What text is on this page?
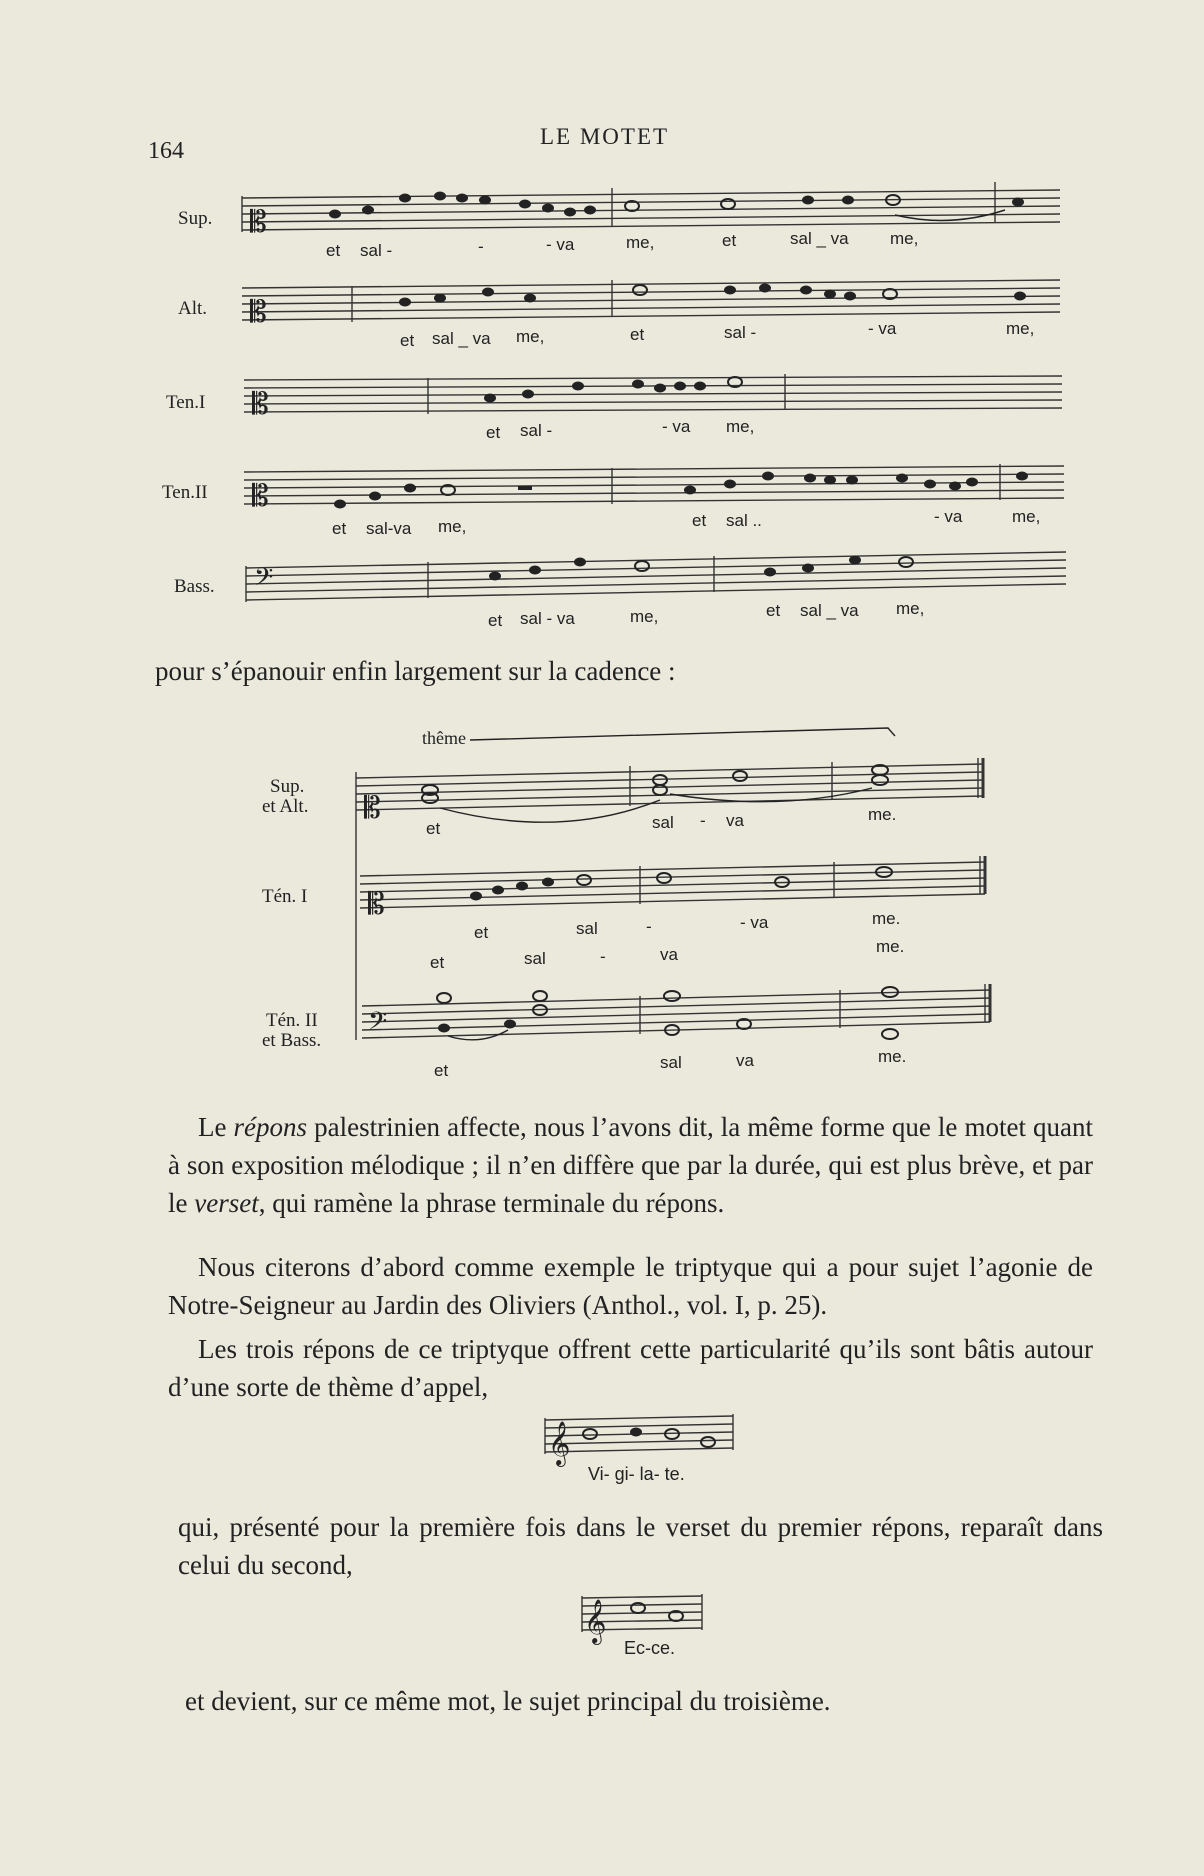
164
LE MOTET
Sup. 𝄡
et sal -	-	- va	me,	et	sal _ va me,
Alt. 𝄡
et sal _ va me,	et	sal -	- va	me,
Ten.I 𝄡
et sal -	- va me,
Ten.II 𝄡
et sal-va me,	et sal ..	- va	me,
Bass. 𝄢
et sal - va	me,	et sal _ va me,

pour s’épanouir enfin largement sur la cadence :

thême
Sup.
et Alt. 𝄡
et	sal - va	me.
Tén. I 𝄡
et	sal	-	- va	me.
et	sal	-	va	me.
Tén. II
et Bass. 𝄢
et	sal	va	me.

Le répons palestrinien affecte, nous l’avons dit, la même forme que le motet quant à son exposition mélodique ; il n’en diffère que par la durée, qui est plus brève, et par le verset, qui ramène la phrase terminale du répons.

Nous citerons d’abord comme exemple le triptyque qui a pour sujet l’agonie de Notre-Seigneur au Jardin des Oliviers (Anthol., vol. I, p. 25).

Les trois répons de ce triptyque offrent cette particularité qu’ils sont bâtis autour d’une sorte de thème d’appel,

𝄞
𝄞
Vi- gi- la- te.

qui, présenté pour la première fois dans le verset du premier répons, reparaît dans celui du second,

Ec-ce.

et devient, sur ce même mot, le sujet principal du troisième.
